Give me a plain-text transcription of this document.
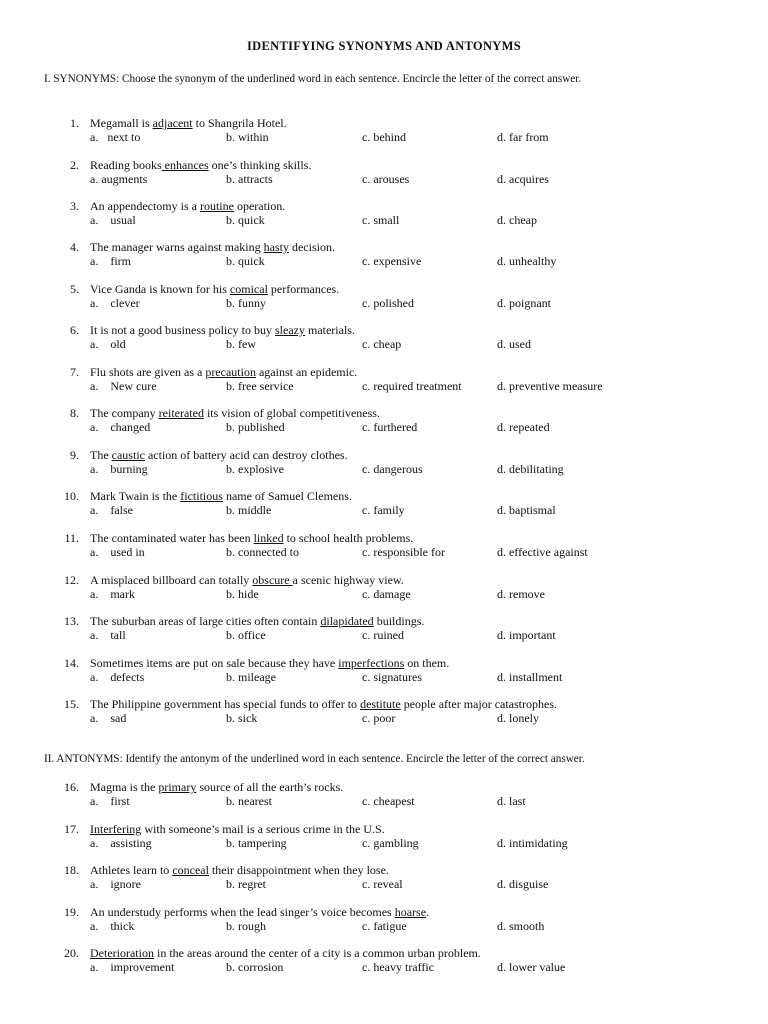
IDENTIFYING SYNONYMS AND ANTONYMS
I. SYNONYMS: Choose the synonym of the underlined word in each sentence. Encircle the letter of the correct answer.
1. Megamall is adjacent to Shangrila Hotel.
a.   next to	b. within	c. behind	d. far from
2. Reading books enhances one’s thinking skills.
a. augments	b. attracts	c. arouses	d. acquires
3. An appendectomy is a routine operation.
a.    usual	b. quick	c. small	d. cheap
4. The manager warns against making hasty decision.
a.    firm	b. quick	c. expensive	d. unhealthy
5. Vice Ganda is known for his comical performances.
a.    clever	b. funny	c. polished	d. poignant
6. It is not a good business policy to buy sleazy materials.
a.    old	b. few	c. cheap	d. used
7. Flu shots are given as a precaution against an epidemic.
a.    New cure	b. free service	c. required treatment	d. preventive measure
8. The company reiterated its vision of global competitiveness.
a.    changed	b. published	c. furthered	d. repeated
9. The caustic action of battery acid can destroy clothes.
a.    burning	b. explosive	c. dangerous	d. debilitating
10. Mark Twain is the fictitious name of Samuel Clemens.
a.    false	b. middle	c. family	d. baptismal
11. The contaminated water has been linked to school health problems.
a.    used in	b. connected to	c. responsible for	d. effective against
12. A misplaced billboard can totally obscure a scenic highway view.
a.    mark	b. hide	c. damage	d. remove
13. The suburban areas of large cities often contain dilapidated buildings.
a.    tall	b. office	c. ruined	d. important
14. Sometimes items are put on sale because they have imperfections on them.
a.    defects	b. mileage	c. signatures	d. installment
15. The Philippine government has special funds to offer to destitute people after major catastrophes.
a.    sad	b. sick	c. poor	d. lonely
II. ANTONYMS: Identify the antonym of the underlined word in each sentence. Encircle the letter of the correct answer.
16. Magma is the primary source of all the earth’s rocks.
a.    first	b. nearest	c. cheapest	d. last
17. Interfering with someone’s mail is a serious crime in the U.S.
a.    assisting	b. tampering	c. gambling	d. intimidating
18. Athletes learn to conceal their disappointment when they lose.
a.    ignore	b. regret	c. reveal	d. disguise
19. An understudy performs when the lead singer’s voice becomes hoarse.
a.    thick	b. rough	c. fatigue	d. smooth
20. Deterioration in the areas around the center of a city is a common urban problem.
a.    improvement	b. corrosion	c. heavy traffic	d. lower value
